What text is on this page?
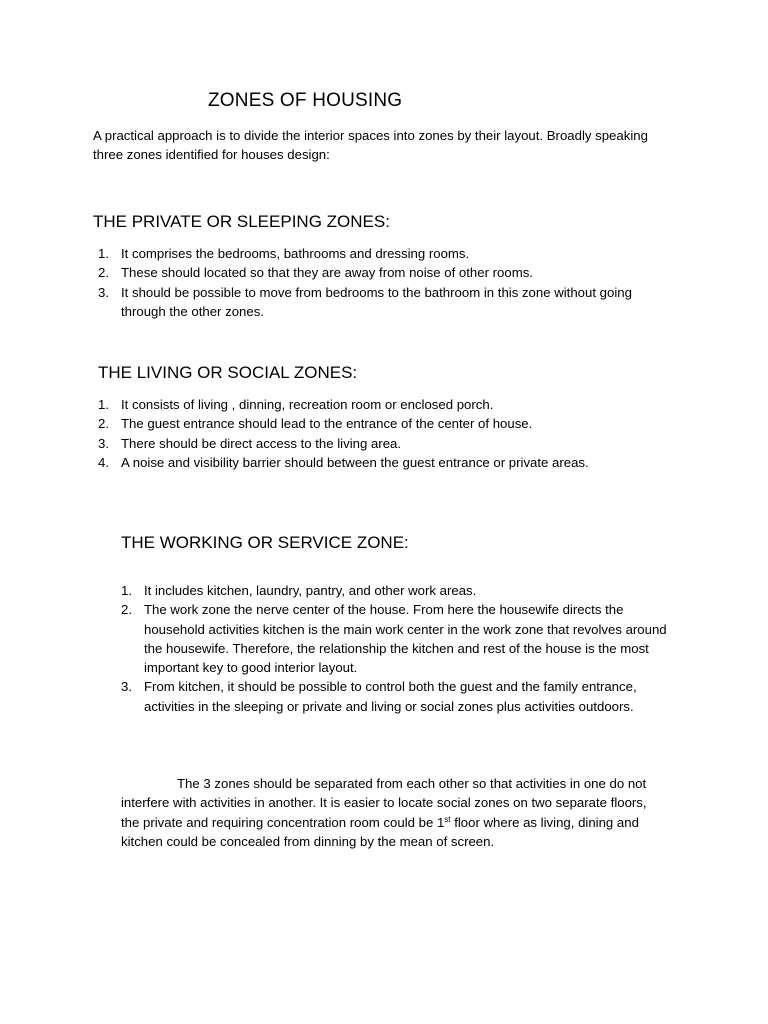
ZONES OF HOUSING
A practical approach is to divide the interior spaces into zones by their layout. Broadly speaking three zones identified for houses design:
THE PRIVATE OR SLEEPING ZONES:
1. It comprises the bedrooms, bathrooms and dressing rooms.
2. These should located so that they are away from noise of other rooms.
3. It should be possible to move from bedrooms to the bathroom in this zone without going through the other zones.
THE LIVING OR SOCIAL ZONES:
1. It consists of living , dinning, recreation room or enclosed porch.
2. The guest entrance should lead to the entrance of the center of house.
3. There should be direct access to the living area.
4. A noise and visibility barrier should between the guest entrance or private areas.
THE WORKING OR SERVICE ZONE:
1. It includes kitchen, laundry, pantry, and other work areas.
2. The work zone the nerve center of the house. From here the housewife directs the household activities kitchen is the main work center in the work zone that revolves around the housewife. Therefore, the relationship the kitchen and rest of the house is the most important key to good interior layout.
3. From kitchen, it should be possible to control both the guest and the family entrance, activities in the sleeping or private and living or social zones plus activities outdoors.
The 3 zones should be separated from each other so that activities in one do not interfere with activities in another. It is easier to locate social zones on two separate floors, the private and requiring concentration room could be 1st floor where as living, dining and kitchen could be concealed from dinning by the mean of screen.
